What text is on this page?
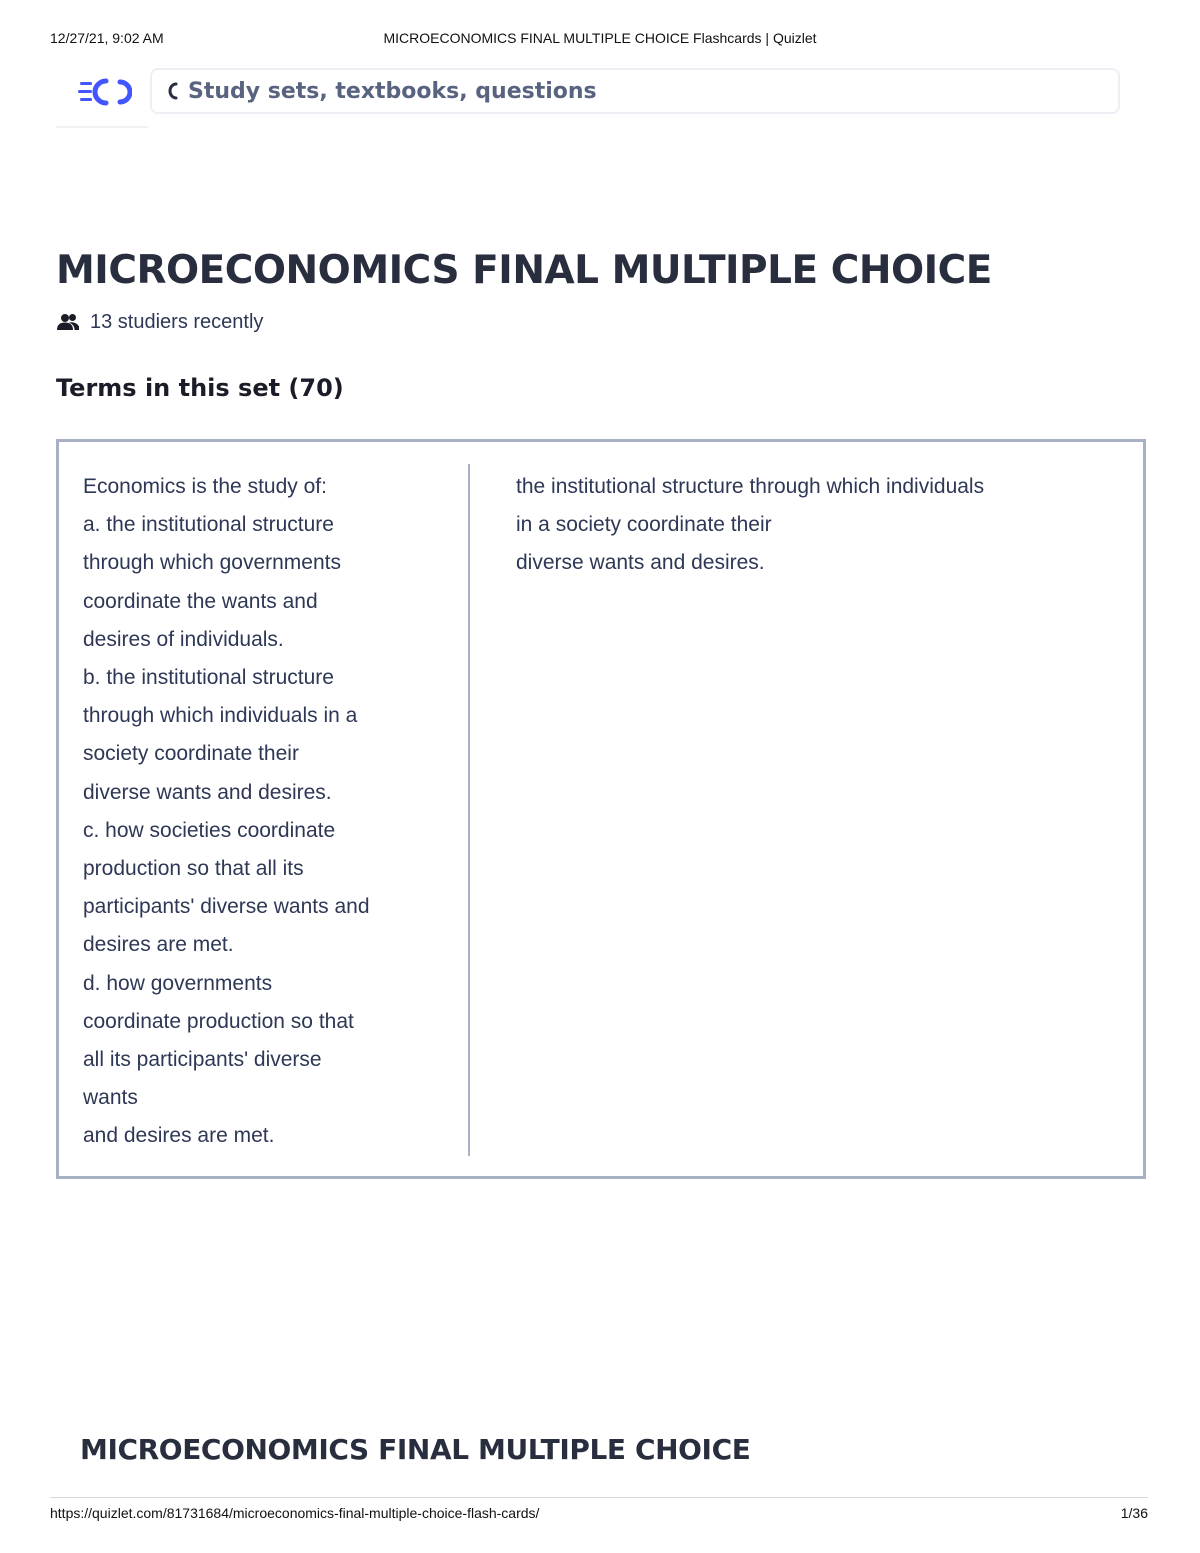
12/27/21, 9:02 AM	MICROECONOMICS FINAL MULTIPLE CHOICE Flashcards | Quizlet
Study sets, textbooks, questions
MICROECONOMICS FINAL MULTIPLE CHOICE
13 studiers recently
Terms in this set (70)
Economics is the study of:
a. the institutional structure
through which governments
coordinate the wants and
desires of individuals.
b. the institutional structure
through which individuals in a
society coordinate their
diverse wants and desires.
c. how societies coordinate
production so that all its
participants' diverse wants and
desires are met.
d. how governments
coordinate production so that
all its participants' diverse
wants
and desires are met.
the institutional structure through which individuals
in a society coordinate their
diverse wants and desires.
MICROECONOMICS FINAL MULTIPLE CHOICE
https://quizlet.com/81731684/microeconomics-final-multiple-choice-flash-cards/	1/36
